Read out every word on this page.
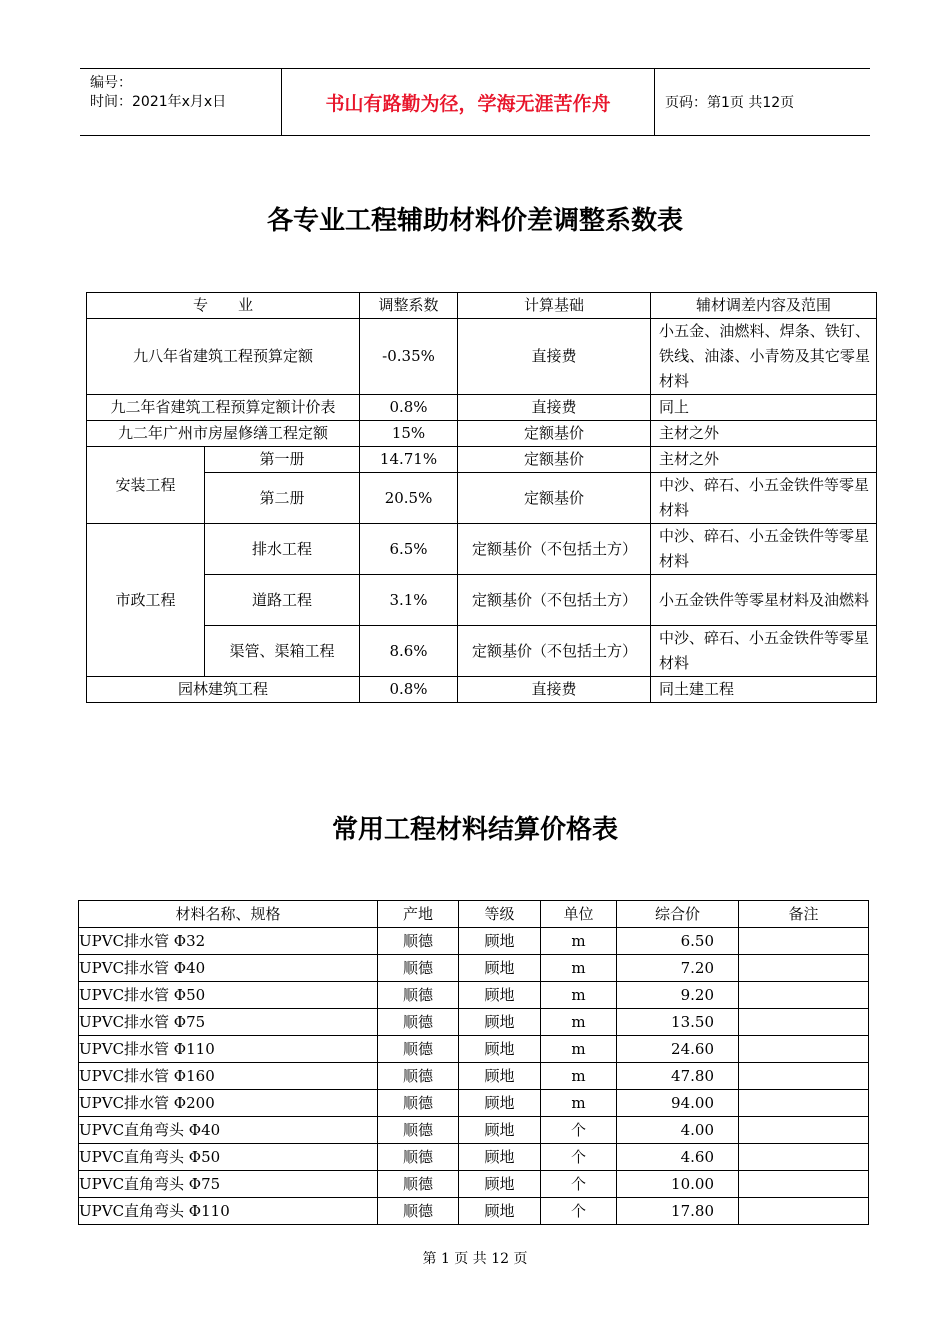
编号：
时间：2021年x月x日	书山有路勤为径，学海无涯苦作舟	页码：第1页 共12页
各专业工程辅助材料价差调整系数表
专　　业		调整系数	计算基础	辅材调差内容及范围
九八年省建筑工程预算定额		-0.35%	直接费	小五金、油燃料、焊条、铁钉、铁线、油漆、小青笏及其它零星材料
九二年省建筑工程预算定额计价表		0.8%	直接费	同上
九二年广州市房屋修缮工程定额		15%	定额基价	主材之外
安装工程	第一册	14.71%	定额基价	主材之外
	第二册	20.5%	定额基价	中沙、碎石、小五金铁件等零星材料
市政工程	排水工程	6.5%	定额基价（不包括土方）	中沙、碎石、小五金铁件等零星材料
	道路工程	3.1%	定额基价（不包括土方）	小五金铁件等零星材料及油燃料
	渠管、渠箱工程	8.6%	定额基价（不包括土方）	中沙、碎石、小五金铁件等零星材料
园林建筑工程		0.8%	直接费	同土建工程
常用工程材料结算价格表
材料名称、规格	产地	等级	单位	综合价	备注
UPVC排水管 Φ32	顺德	顾地	m	6.50	
UPVC排水管 Φ40	顺德	顾地	m	7.20	
UPVC排水管 Φ50	顺德	顾地	m	9.20	
UPVC排水管 Φ75	顺德	顾地	m	13.50	
UPVC排水管 Φ110	顺德	顾地	m	24.60	
UPVC排水管 Φ160	顺德	顾地	m	47.80	
UPVC排水管 Φ200	顺德	顾地	m	94.00	
UPVC直角弯头 Φ40	顺德	顾地	个	4.00	
UPVC直角弯头 Φ50	顺德	顾地	个	4.60	
UPVC直角弯头 Φ75	顺德	顾地	个	10.00	
UPVC直角弯头 Φ110	顺德	顾地	个	17.80	
第 1 页 共 12 页
